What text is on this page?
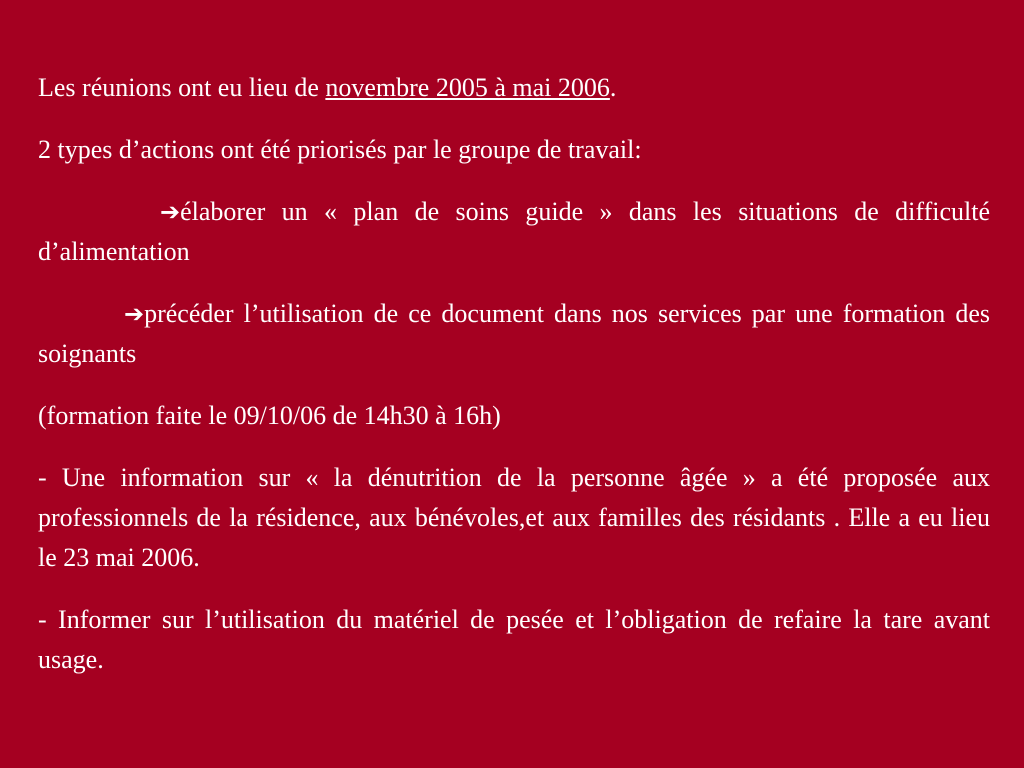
Les réunions ont eu lieu de novembre 2005 à mai 2006.

2 types d’actions ont été priorisés par le groupe de travail:

➔élaborer un « plan de soins guide » dans les situations de difficulté d’alimentation

➔précéder l’utilisation de ce document dans nos services par une formation des soignants

(formation faite le 09/10/06 de 14h30 à 16h)

- Une information sur « la dénutrition de la personne âgée » a été proposée aux professionnels de la résidence, aux bénévoles,et aux familles des résidants . Elle a eu lieu le 23 mai 2006.

- Informer sur l’utilisation du matériel de pesée et l’obligation de refaire la tare avant usage.
